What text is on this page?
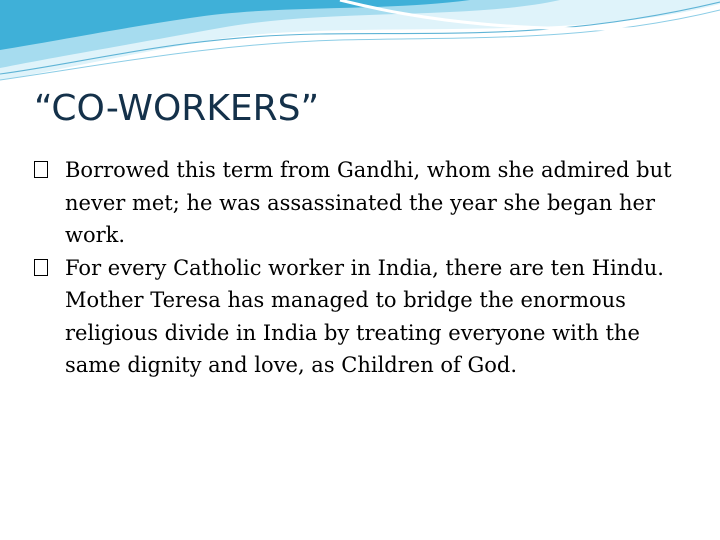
“CO-WORKERS”
Borrowed this term from Gandhi, whom she admired but never met; he was assassinated the year she began her work.
For every Catholic worker in India, there are ten Hindu. Mother Teresa has managed to bridge the enormous religious divide in India by treating everyone with the same dignity and love, as Children of God.
